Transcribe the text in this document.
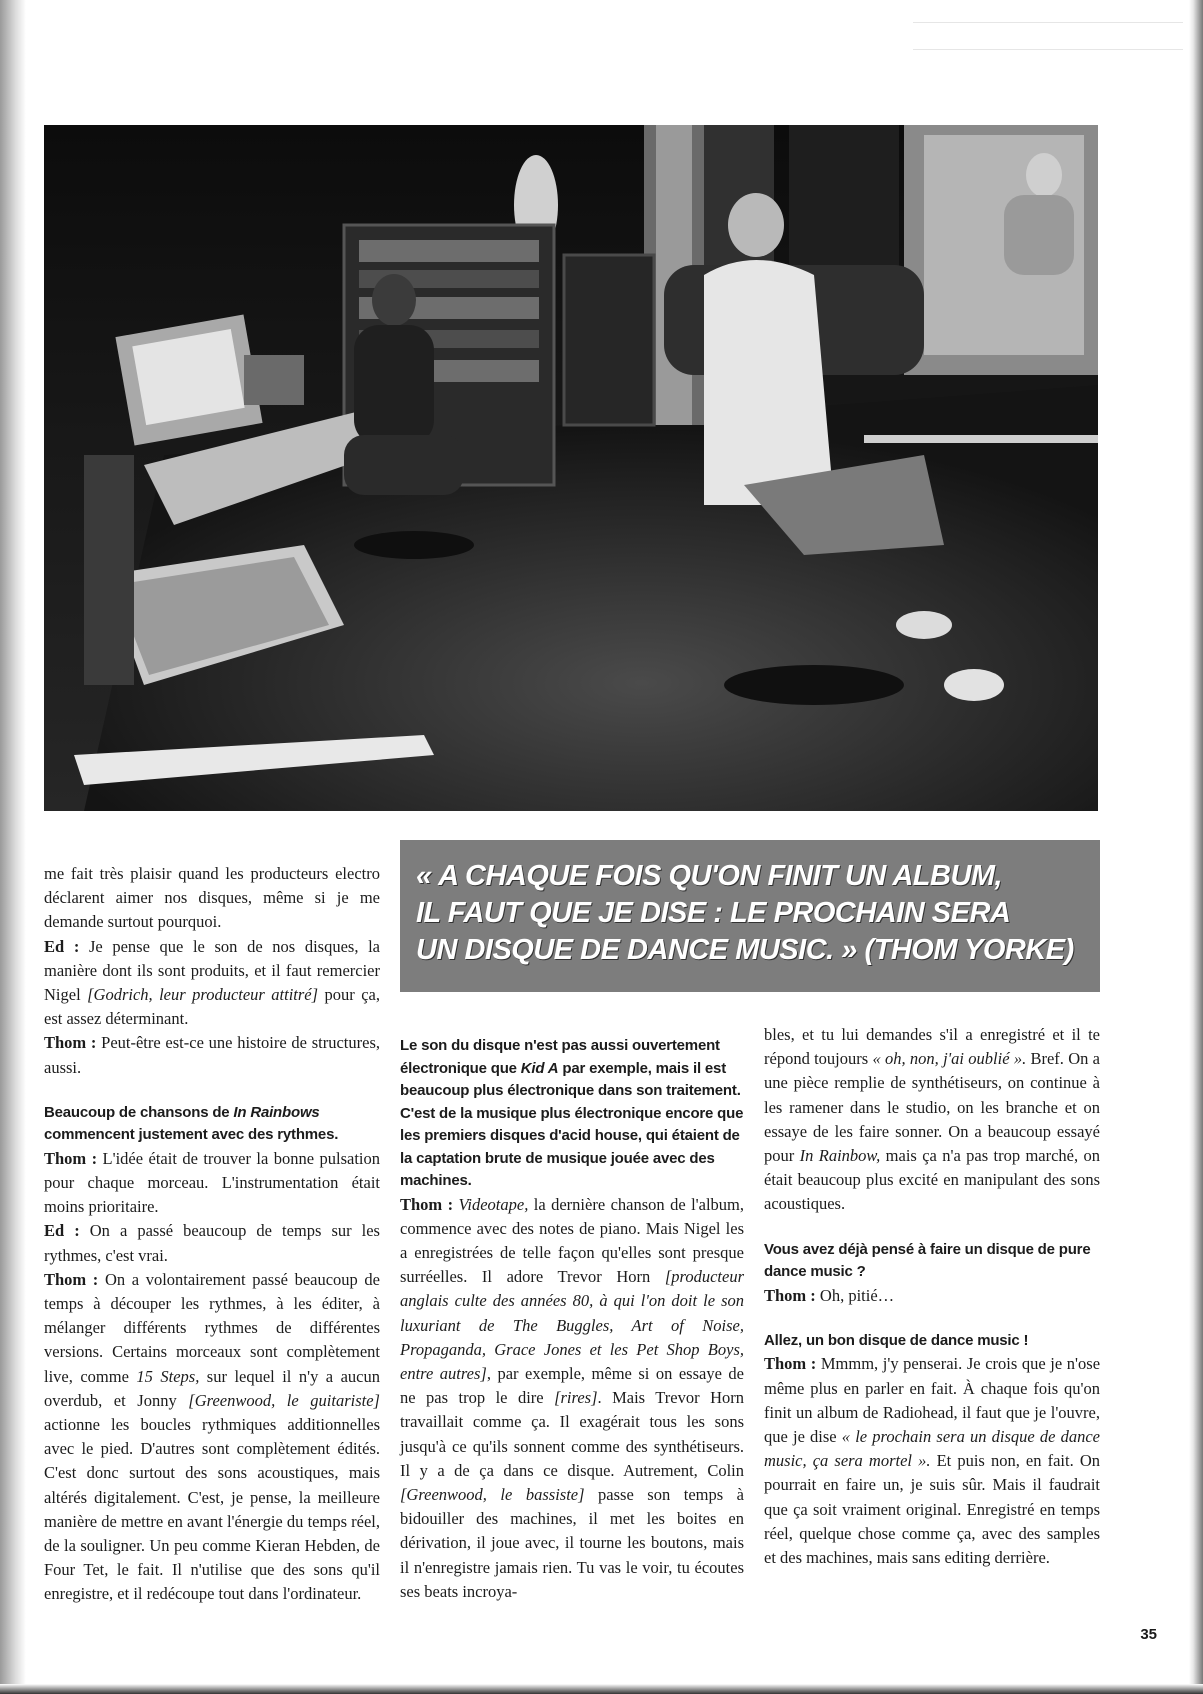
« A CHAQUE FOIS QU'ON FINIT UN ALBUM,
IL FAUT QUE JE DISE : LE PROCHAIN SERA
UN DISQUE DE DANCE MUSIC. » (THOM YORKE)

me fait très plaisir quand les producteurs electro déclarent aimer nos disques, même si je me demande surtout pourquoi.

Ed : Je pense que le son de nos disques, la manière dont ils sont produits, et il faut remercier Nigel [Godrich, leur producteur attitré] pour ça, est assez déterminant.

Thom : Peut-être est-ce une histoire de structures, aussi.

Beaucoup de chansons de In Rainbows commencent justement avec des rythmes.

Thom : L'idée était de trouver la bonne pulsation pour chaque morceau. L'instrumentation était moins prioritaire.

Ed : On a passé beaucoup de temps sur les rythmes, c'est vrai.

Thom : On a volontairement passé beaucoup de temps à découper les rythmes, à les éditer, à mélanger différents rythmes de différentes versions. Certains morceaux sont complètement live, comme 15 Steps, sur lequel il n'y a aucun overdub, et Jonny [Greenwood, le guitariste] actionne les boucles rythmiques additionnelles avec le pied. D'autres sont complètement édités. C'est donc surtout des sons acoustiques, mais altérés digitalement. C'est, je pense, la meilleure manière de mettre en avant l'énergie du temps réel, de la souligner. Un peu comme Kieran Hebden, de Four Tet, le fait. Il n'utilise que des sons qu'il enregistre, et il redécoupe tout dans l'ordinateur.

Le son du disque n'est pas aussi ouvertement électronique que Kid A par exemple, mais il est beaucoup plus électronique dans son traitement. C'est de la musique plus électronique encore que les premiers disques d'acid house, qui étaient de la captation brute de musique jouée avec des machines.

Thom : Videotape, la dernière chanson de l'album, commence avec des notes de piano. Mais Nigel les a enregistrées de telle façon qu'elles sont presque surréelles. Il adore Trevor Horn [producteur anglais culte des années 80, à qui l'on doit le son luxuriant de The Buggles, Art of Noise, Propaganda, Grace Jones et les Pet Shop Boys, entre autres], par exemple, même si on essaye de ne pas trop le dire [rires]. Mais Trevor Horn travaillait comme ça. Il exagérait tous les sons jusqu'à ce qu'ils sonnent comme des synthétiseurs. Il y a de ça dans ce disque. Autrement, Colin [Greenwood, le bassiste] passe son temps à bidouiller des machines, il met les boites en dérivation, il joue avec, il tourne les boutons, mais il n'enregistre jamais rien. Tu vas le voir, tu écoutes ses beats incroya-

bles, et tu lui demandes s'il a enregistré et il te répond toujours « oh, non, j'ai oublié ». Bref. On a une pièce remplie de synthétiseurs, on continue à les ramener dans le studio, on les branche et on essaye de les faire sonner. On a beaucoup essayé pour In Rainbow, mais ça n'a pas trop marché, on était beaucoup plus excité en manipulant des sons acoustiques.

Vous avez déjà pensé à faire un disque de pure dance music ?

Thom : Oh, pitié…

Allez, un bon disque de dance music !

Thom : Mmmm, j'y penserai. Je crois que je n'ose même plus en parler en fait. À chaque fois qu'on finit un album de Radiohead, il faut que je l'ouvre, que je dise « le prochain sera un disque de dance music, ça sera mortel ». Et puis non, en fait. On pourrait en faire un, je suis sûr. Mais il faudrait que ça soit vraiment original. Enregistré en temps réel, quelque chose comme ça, avec des samples et des machines, mais sans editing derrière.

35
